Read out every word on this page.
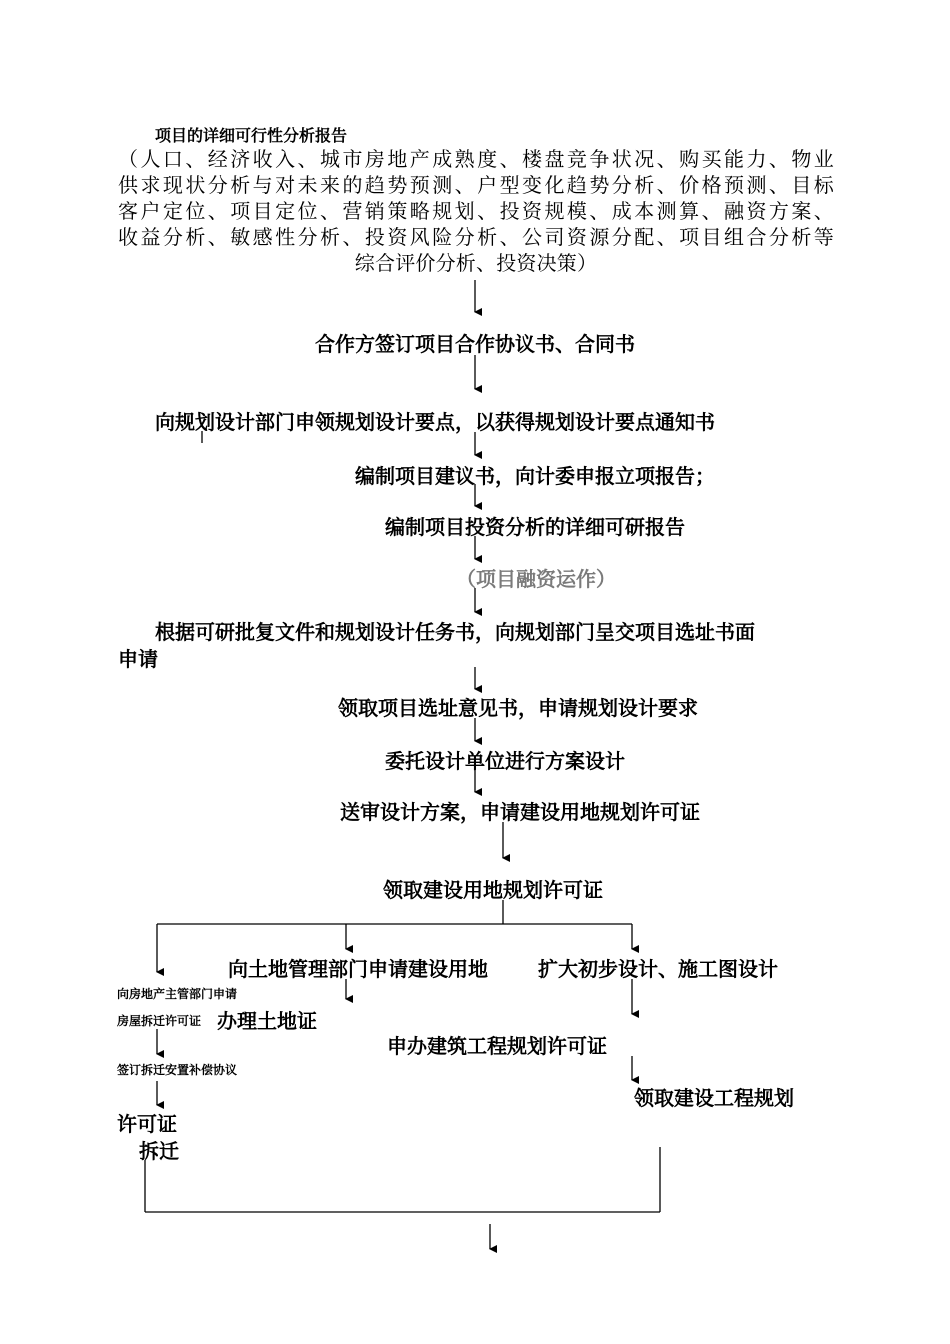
项目的详细可行性分析报告
（人口、经济收入、城市房地产成熟度、楼盘竞争状况、购买能力、物业
供求现状分析与对未来的趋势预测、户型变化趋势分析、价格预测、目标
客户定位、项目定位、营销策略规划、投资规模、成本测算、融资方案、
收益分析、敏感性分析、投资风险分析、公司资源分配、项目组合分析等
综合评价分析、投资决策）
合作方签订项目合作协议书、合同书
向规划设计部门申领规划设计要点，以获得规划设计要点通知书
编制项目建议书，向计委申报立项报告；
编制项目投资分析的详细可研报告
（项目融资运作）
根据可研批复文件和规划设计任务书，向规划部门呈交项目选址书面
申请
领取项目选址意见书，申请规划设计要求
委托设计单位进行方案设计
送审设计方案，申请建设用地规划许可证
领取建设用地规划许可证
向土地管理部门申请建设用地	扩大初步设计、施工图设计
向房地产主管部门申请
房屋拆迁许可证 办理土地证
申办建筑工程规划许可证
签订拆迁安置补偿协议
领取建设工程规划
许可证
拆迁
